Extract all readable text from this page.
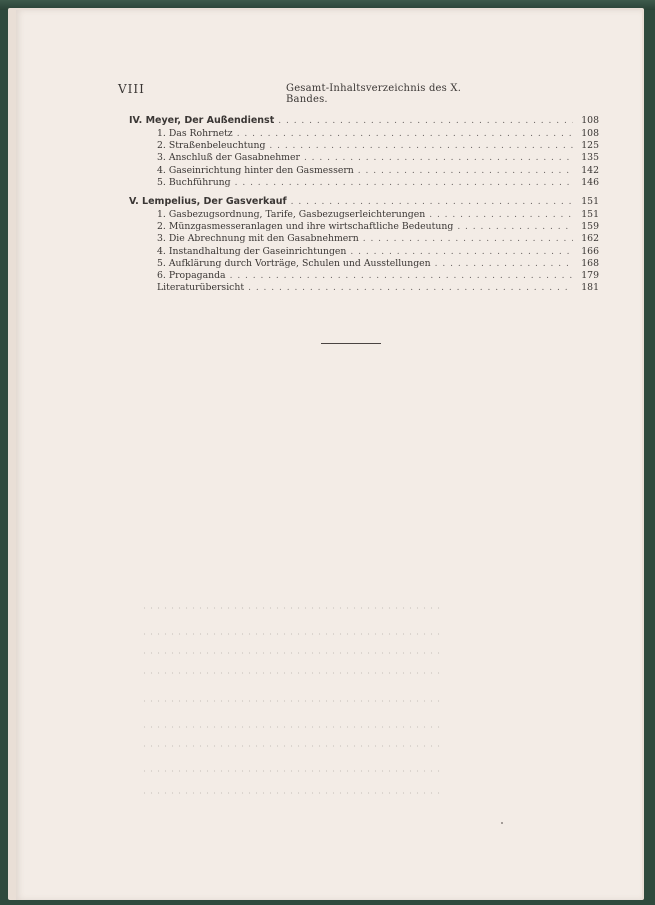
VIII	Gesamt-Inhaltsverzeichnis des X. Bandes.
IV. Meyer, Der Außendienst . . .	108
1. Das Rohrnetz . . .	108
2. Straßenbeleuchtung . . .	125
3. Anschluß der Gasabnehmer . . .	135
4. Gaseinrichtung hinter den Gasmessern . . .	142
5. Buchführung . . .	146
V. Lempelius, Der Gasverkauf . . .	151
1. Gasbezugsordnung, Tarife, Gasbezugserleichterungen . . .	151
2. Münzgasmesseranlagen und ihre wirtschaftliche Bedeutung . . .	159
3. Die Abrechnung mit den Gasabnehmern . . .	162
4. Instandhaltung der Gaseinrichtungen . . .	166
5. Aufklärung durch Vorträge, Schulen und Ausstellungen . . .	168
6. Propaganda . . .	179
Literaturübersicht . . .	181
